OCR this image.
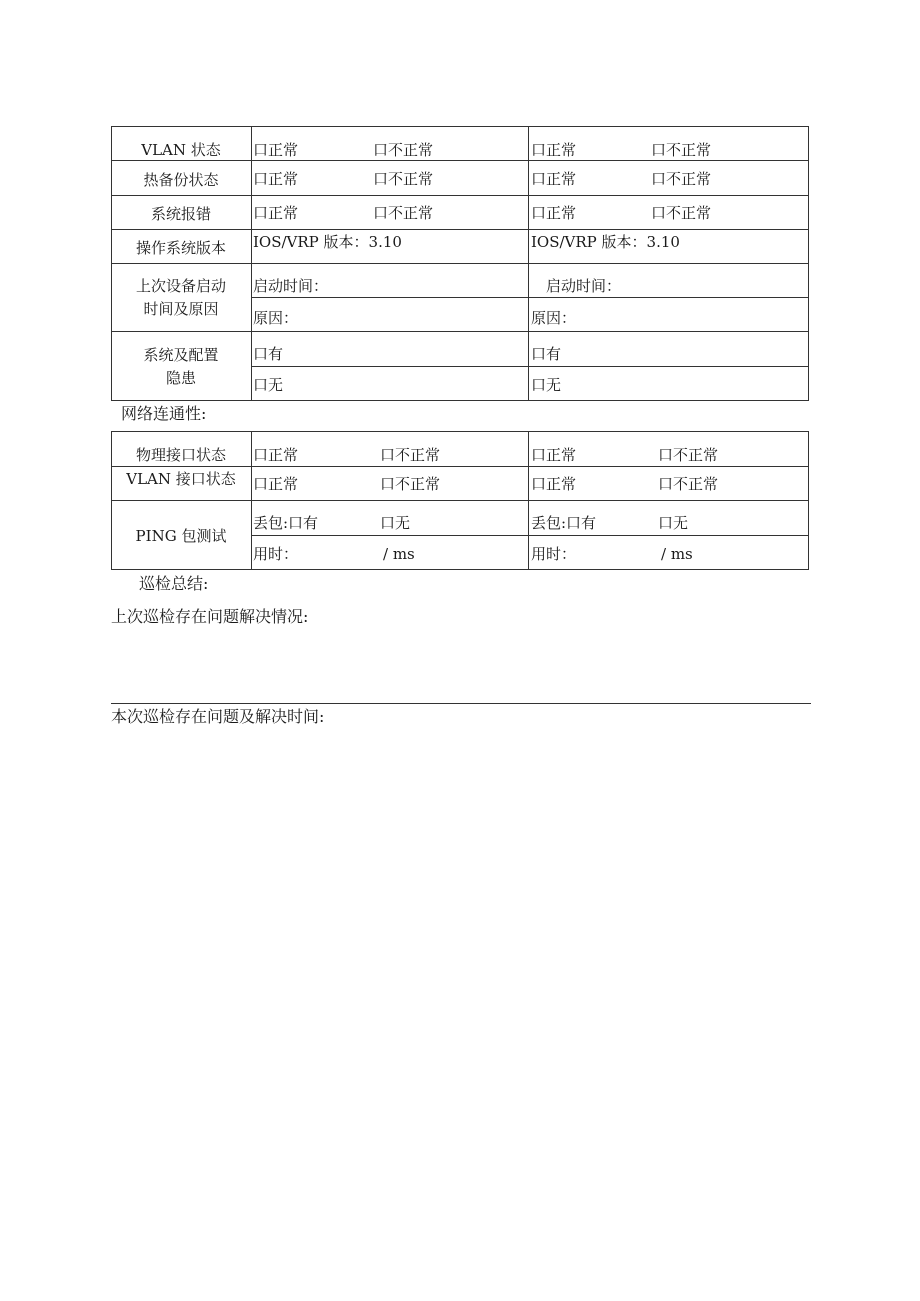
VLAN 状态	口正常	口不正常	口正常	口不正常
热备份状态	口正常	口不正常	口正常	口不正常
系统报错	口正常	口不正常	口正常	口不正常
操作系统版本	IOS/VRP 版本：3.10	IOS/VRP 版本：3.10
上次设备启动
时间及原因
启动时间：	启动时间：
原因：	原因：
系统及配置
隐患
口有	口有
口无	口无
网络连通性:
物理接口状态	口正常	口不正常	口正常	口不正常
VLAN 接口状态	口正常	口不正常	口正常	口不正常
PING 包测试
丢包:口有	口无	丢包:口有	口无
用时：	/ ms	用时：	/ ms
巡检总结:
上次巡检存在问题解决情况:
本次巡检存在问题及解决时间:
